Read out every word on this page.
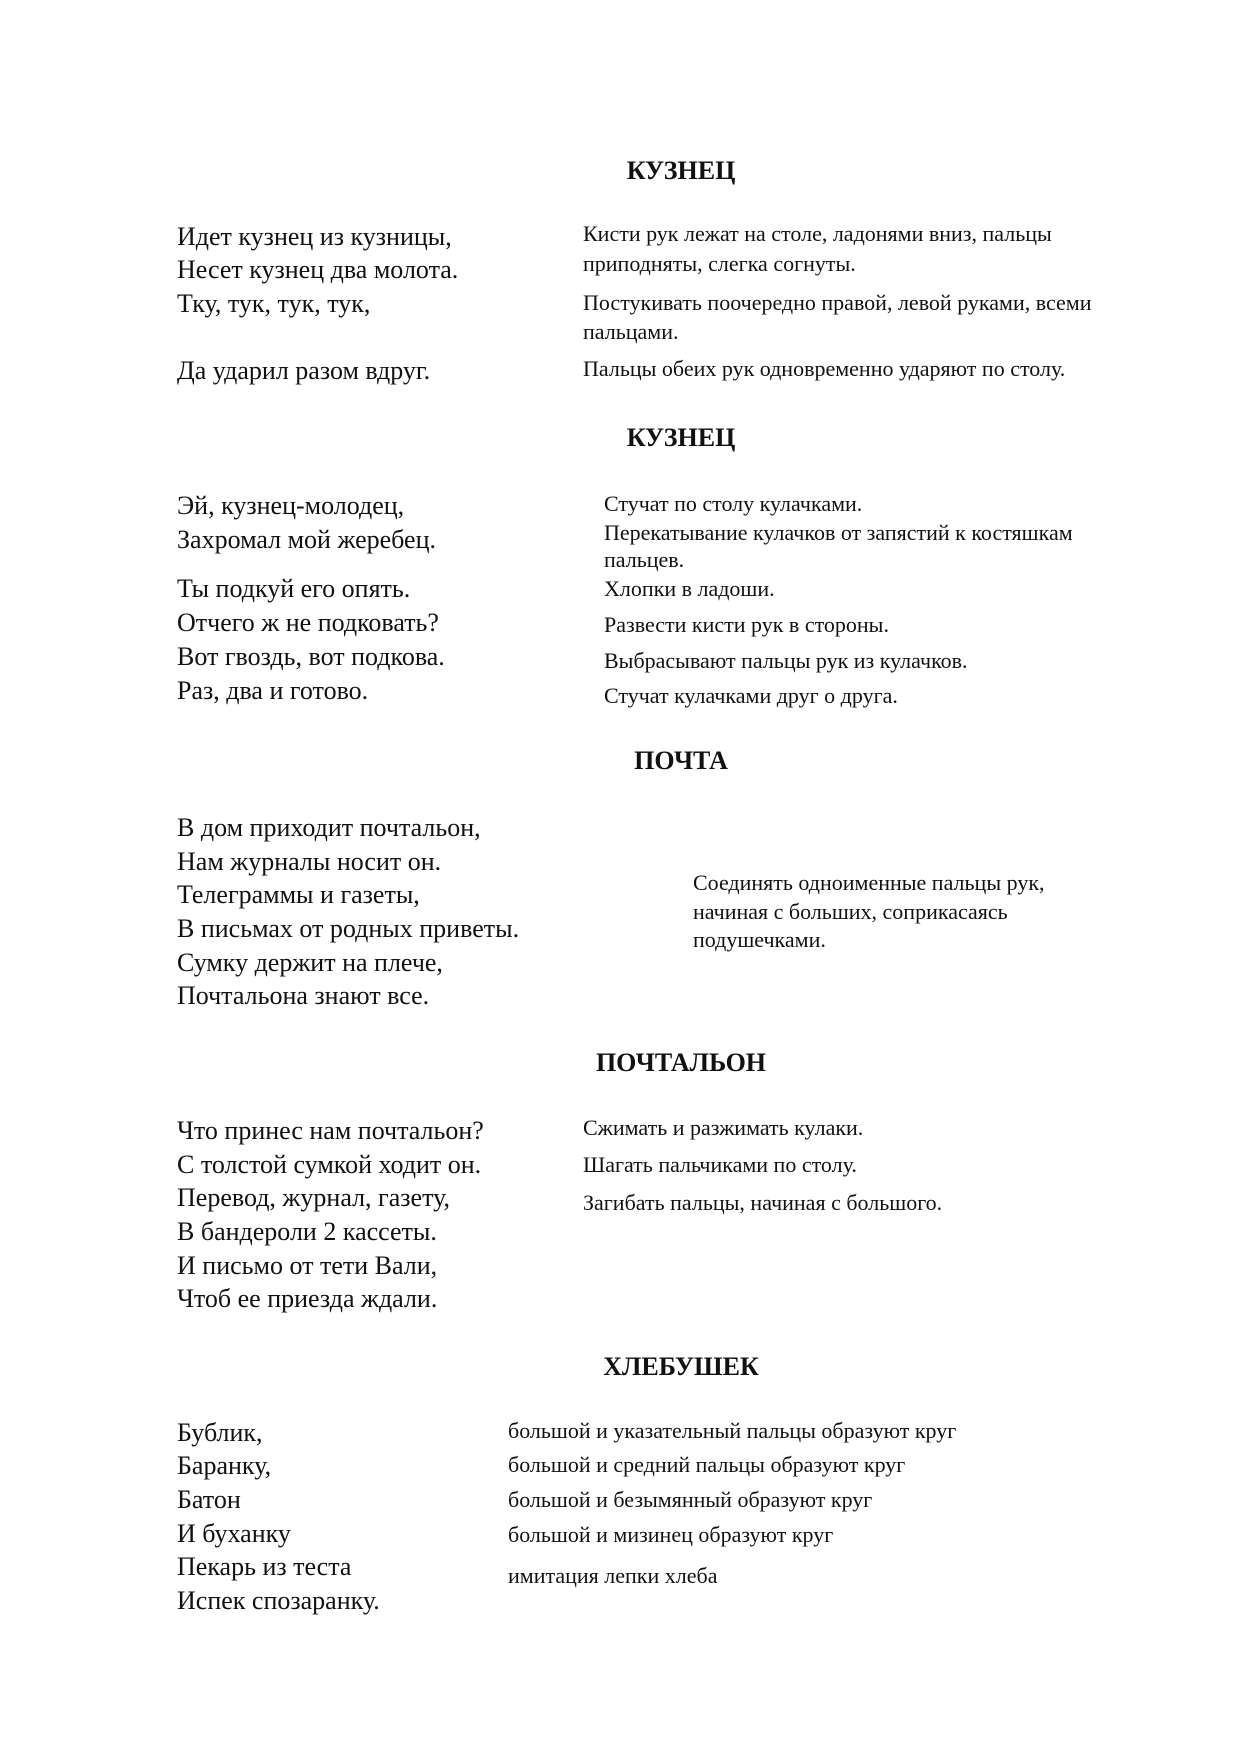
КУЗНЕЦ
Идет кузнец из кузницы,
Несет кузнец два молота.
Тку, тук, тук, тук,
Да ударил разом вдруг.
Кисти рук лежат на столе, ладонями вниз, пальцы
приподняты, слегка согнуты.
Постукивать поочередно правой, левой руками, всеми
пальцами.
Пальцы обеих рук одновременно ударяют по столу.
КУЗНЕЦ
Эй, кузнец-молодец,
Захромал мой жеребец.
Ты подкуй его опять.
Отчего ж не подковать?
Вот гвоздь, вот подкова.
Раз, два и готово.
Стучат по столу кулачками.
Перекатывание кулачков от запястий к костяшкам
пальцев.
Хлопки в ладоши.
Развести кисти рук в стороны.
Выбрасывают пальцы рук из кулачков.
Стучат кулачками друг о друга.
ПОЧТА
В дом приходит почтальон,
Нам журналы носит он.
Телеграммы и газеты,
В письмах от родных приветы.
Сумку держит на плече,
Почтальона знают все.
Соединять одноименные пальцы рук,
начиная с больших, соприкасаясь
подушечками.
ПОЧТАЛЬОН
Что принес нам почтальон?
С толстой сумкой ходит он.
Перевод, журнал, газету,
В бандероли 2 кассеты.
И письмо от тети Вали,
Чтоб ее приезда ждали.
Сжимать и разжимать кулаки.
Шагать пальчиками по столу.
Загибать пальцы, начиная с большого.
ХЛЕБУШЕК
Бублик,
Баранку,
Батон
И буханку
Пекарь из теста
Испек спозаранку.
большой и указательный пальцы образуют круг
большой и средний пальцы образуют круг
большой и безымянный образуют круг
большой и мизинец образуют круг
имитация лепки хлеба
